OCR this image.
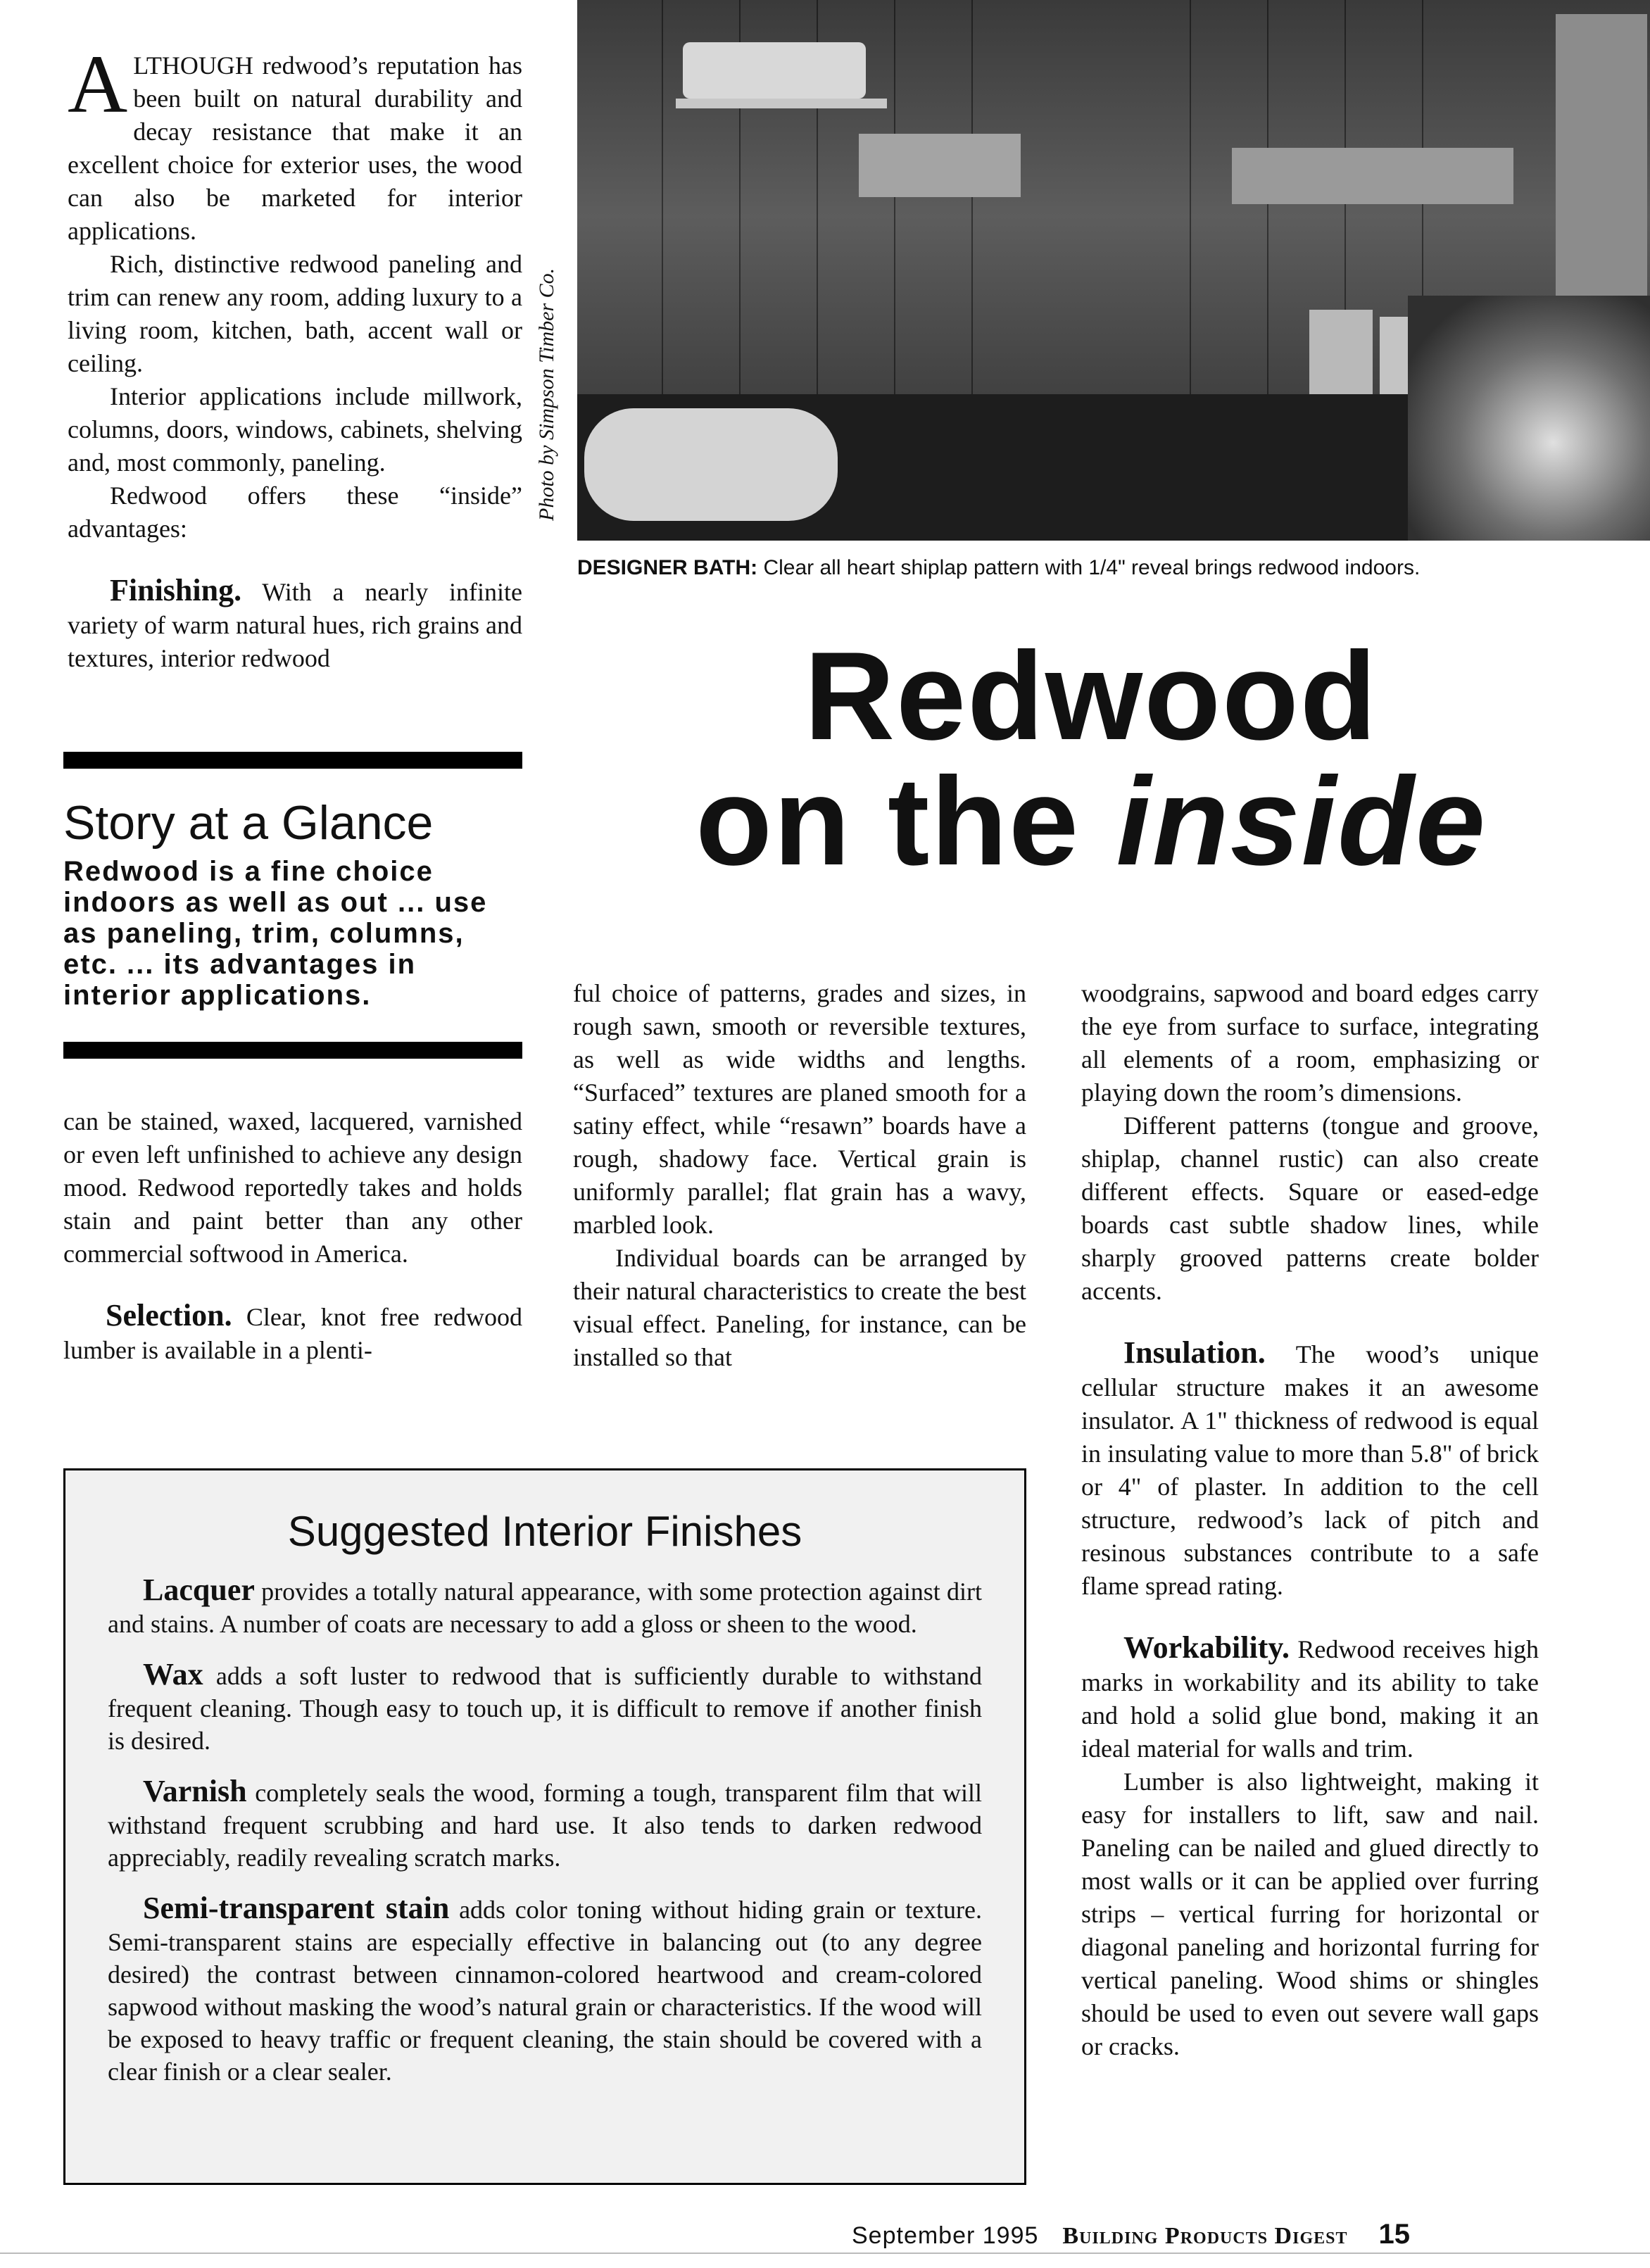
ALTHOUGH redwood’s reputation has been built on natural durability and decay resistance that make it an excellent choice for exterior uses, the wood can also be marketed for interior applications.

Rich, distinctive redwood paneling and trim can renew any room, adding luxury to a living room, kitchen, bath, accent wall or ceiling.

Interior applications include millwork, columns, doors, windows, cabinets, shelving and, most commonly, paneling.

Redwood offers these “inside” advantages:

Finishing. With a nearly infinite variety of warm natural hues, rich grains and textures, interior redwood

Photo by Simpson Timber Co.
DESIGNER BATH: Clear all heart shiplap pattern with 1/4" reveal brings redwood indoors.
Redwood
on the inside
Story at a Glance

Redwood is a fine choice indoors as well as out ... use as paneling, trim, columns, etc. ... its advantages in interior applications.

can be stained, waxed, lacquered, varnished or even left unfinished to achieve any design mood. Redwood reportedly takes and holds stain and paint better than any other commercial softwood in America.

Selection. Clear, knot free redwood lumber is available in a plenti-

ful choice of patterns, grades and sizes, in rough sawn, smooth or reversible textures, as well as wide widths and lengths. “Surfaced” textures are planed smooth for a satiny effect, while “resawn” boards have a rough, shadowy face. Vertical grain is uniformly parallel; flat grain has a wavy, marbled look.

Individual boards can be arranged by their natural characteristics to create the best visual effect. Paneling, for instance, can be installed so that

woodgrains, sapwood and board edges carry the eye from surface to surface, integrating all elements of a room, emphasizing or playing down the room’s dimensions.

Different patterns (tongue and groove, shiplap, channel rustic) can also create different effects. Square or eased-edge boards cast subtle shadow lines, while sharply grooved patterns create bolder accents.

Insulation. The wood’s unique cellular structure makes it an awesome insulator. A 1" thickness of redwood is equal in insulating value to more than 5.8" of brick or 4" of plaster. In addition to the cell structure, redwood’s lack of pitch and resinous substances contribute to a safe flame spread rating.

Workability. Redwood receives high marks in workability and its ability to take and hold a solid glue bond, making it an ideal material for walls and trim.

Lumber is also lightweight, making it easy for installers to lift, saw and nail. Paneling can be nailed and glued directly to most walls or it can be applied over furring strips – vertical furring for horizontal or diagonal paneling and horizontal furring for vertical paneling. Wood shims or shingles should be used to even out severe wall gaps or cracks.

Suggested Interior Finishes

Lacquer provides a totally natural appearance, with some protection against dirt and stains. A number of coats are necessary to add a gloss or sheen to the wood.

Wax adds a soft luster to redwood that is sufficiently durable to withstand frequent cleaning. Though easy to touch up, it is difficult to remove if another finish is desired.

Varnish completely seals the wood, forming a tough, transparent film that will withstand frequent scrubbing and hard use. It also tends to darken redwood appreciably, readily revealing scratch marks.

Semi-transparent stain adds color toning without hiding grain or texture. Semi-transparent stains are especially effective in balancing out (to any degree desired) the contrast between cinnamon-colored heartwood and cream-colored sapwood without masking the wood’s natural grain or characteristics. If the wood will be exposed to heavy traffic or frequent cleaning, the stain should be covered with a clear finish or a clear sealer.

September 1995 Building Products Digest 15
